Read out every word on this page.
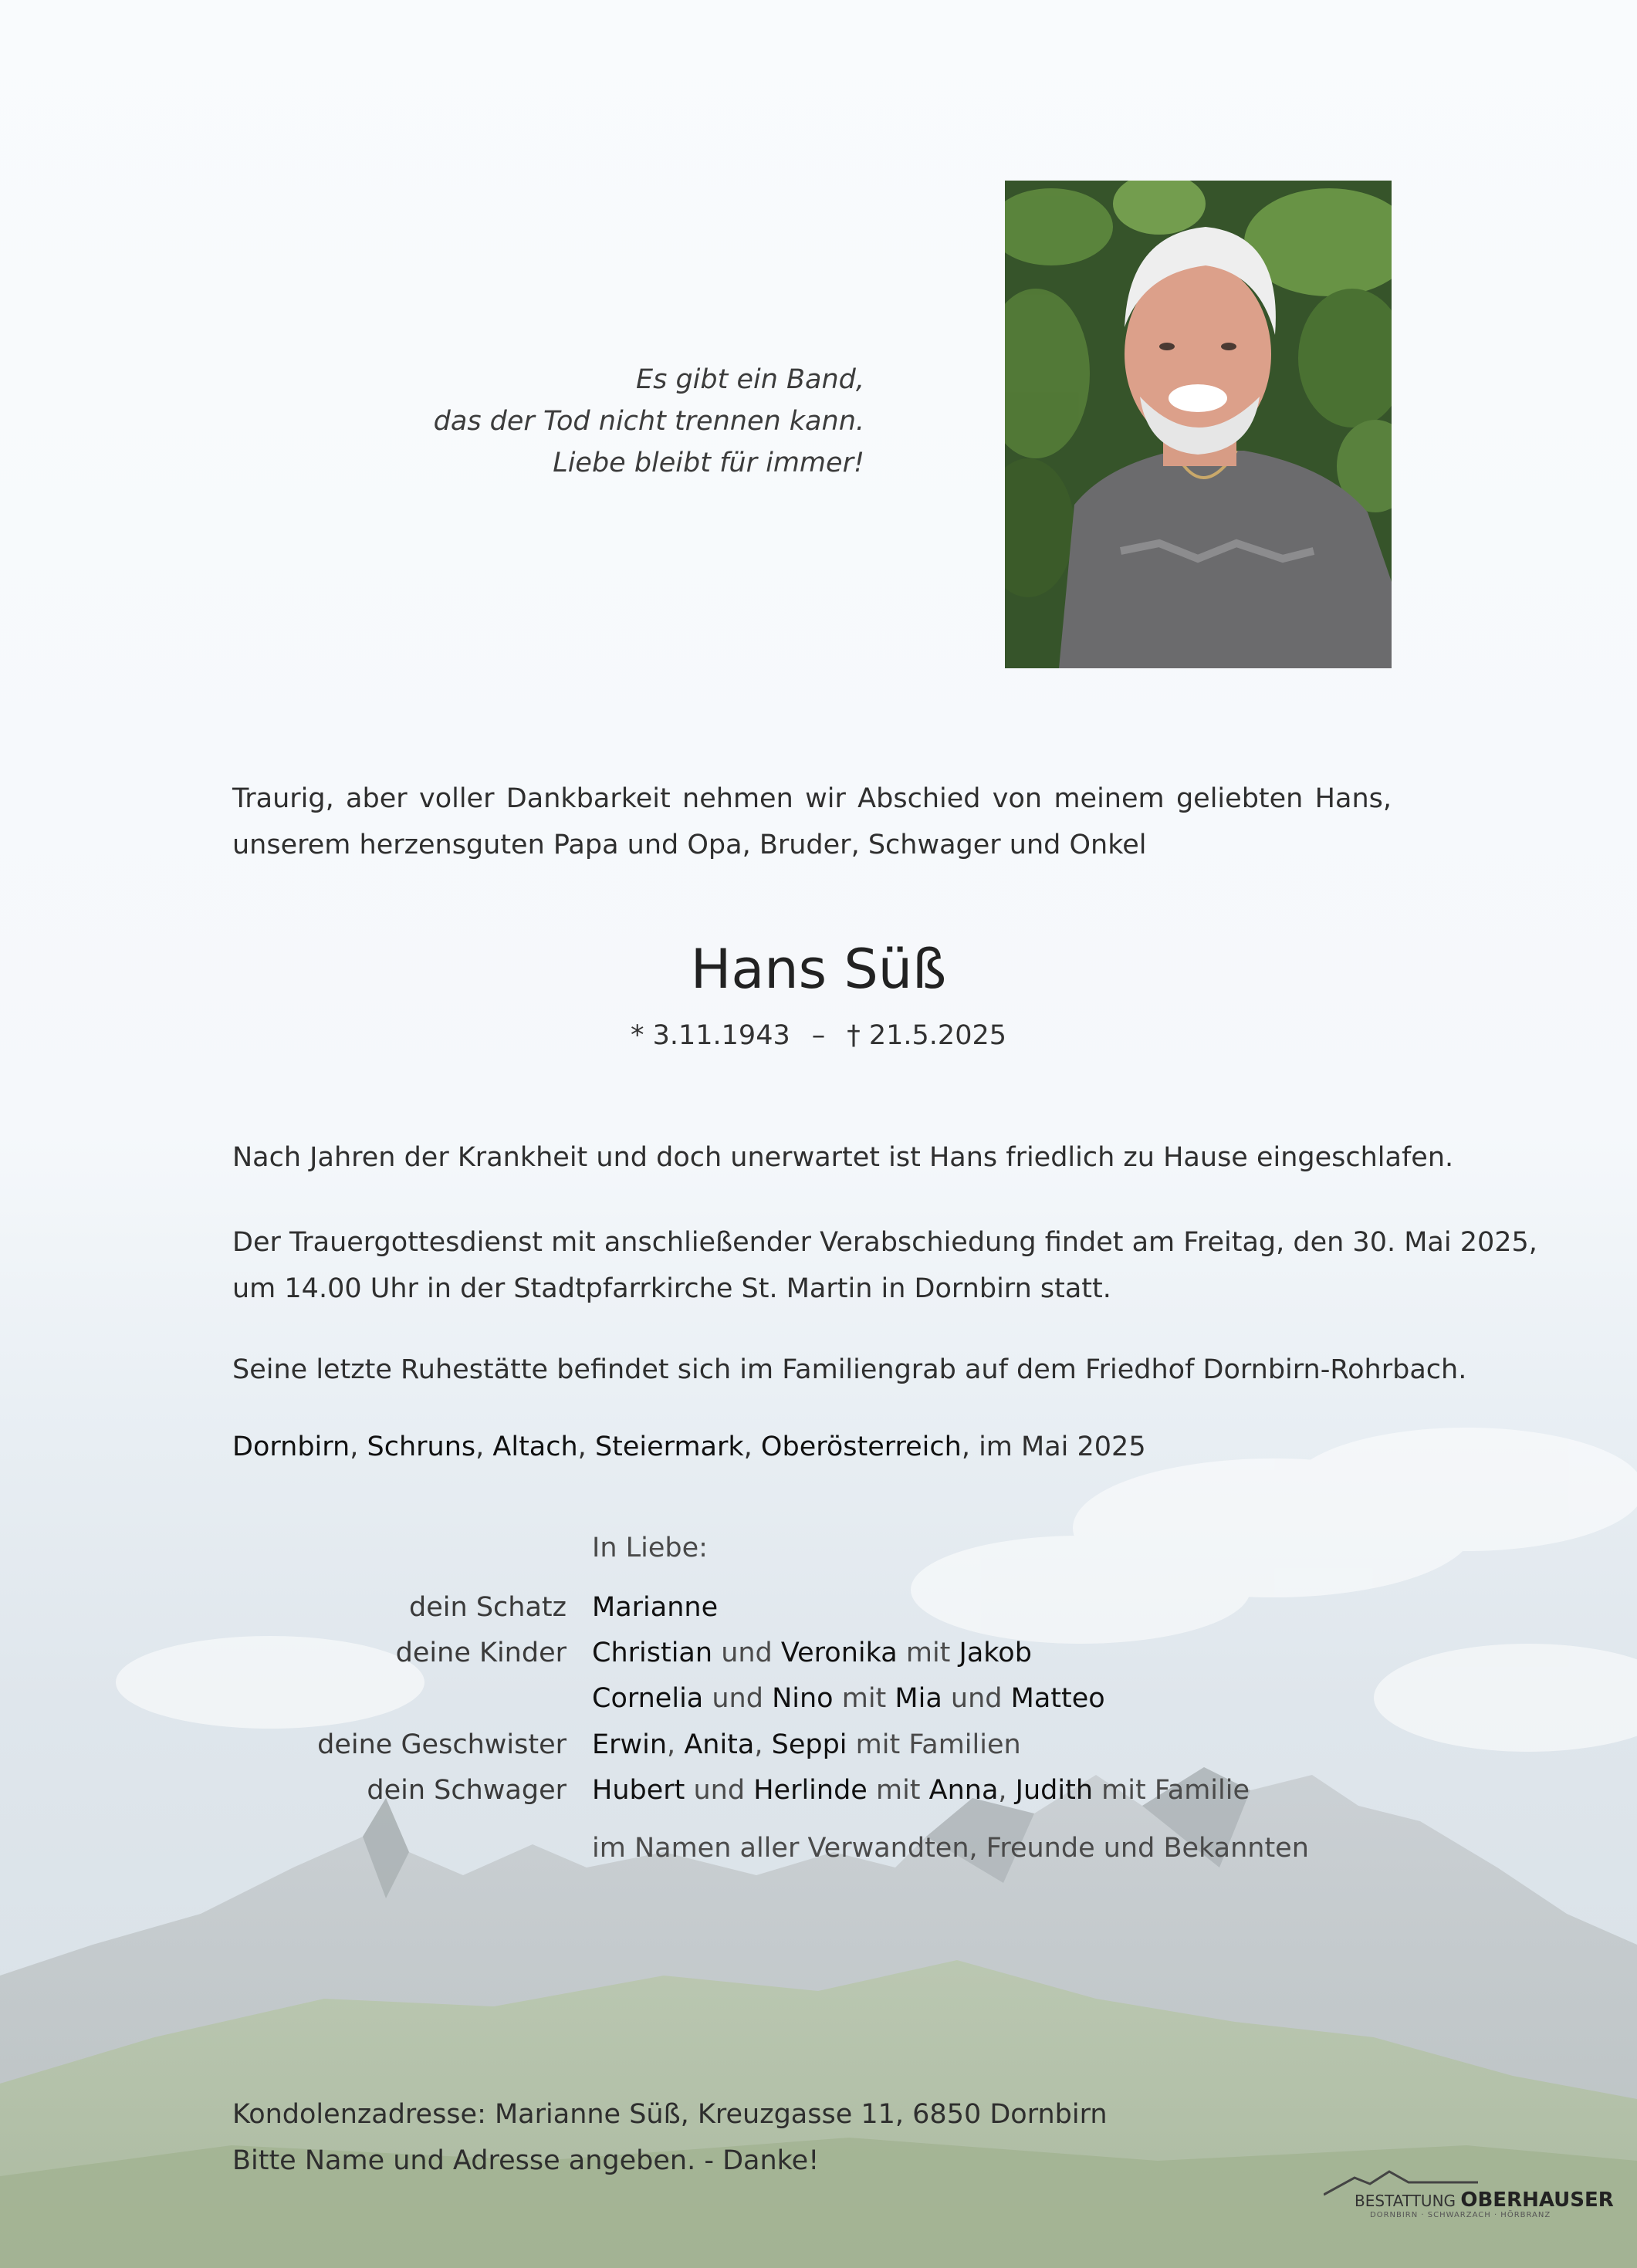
Es gibt ein Band,
das der Tod nicht trennen kann.
Liebe bleibt für immer!
Traurig, aber voller Dankbarkeit nehmen wir Abschied von meinem geliebten Hans, unserem herzensguten Papa und Opa, Bruder, Schwager und Onkel
Hans Süß
* 3.11.1943 – † 21.5.2025
Nach Jahren der Krankheit und doch unerwartet ist Hans friedlich zu Hause eingeschlafen.
Der Trauergottesdienst mit anschließender Verabschiedung findet am Freitag, den 30. Mai 2025,
um 14.00 Uhr in der Stadtpfarrkirche St. Martin in Dornbirn statt.
Seine letzte Ruhestätte befindet sich im Familiengrab auf dem Friedhof Dornbirn-Rohrbach.
Dornbirn, Schruns, Altach, Steiermark, Oberösterreich, im Mai 2025
In Liebe:
dein Schatz Marianne
deine Kinder Christian und Veronika mit Jakob
Cornelia und Nino mit Mia und Matteo
deine Geschwister Erwin, Anita, Seppi mit Familien
dein Schwager Hubert und Herlinde mit Anna, Judith mit Familie
im Namen aller Verwandten, Freunde und Bekannten
Kondolenzadresse: Marianne Süß, Kreuzgasse 11, 6850 Dornbirn
Bitte Name und Adresse angeben. - Danke!
BESTATTUNG OBERHAUSER
DORNBIRN · SCHWARZACH · HÖRBRANZ
